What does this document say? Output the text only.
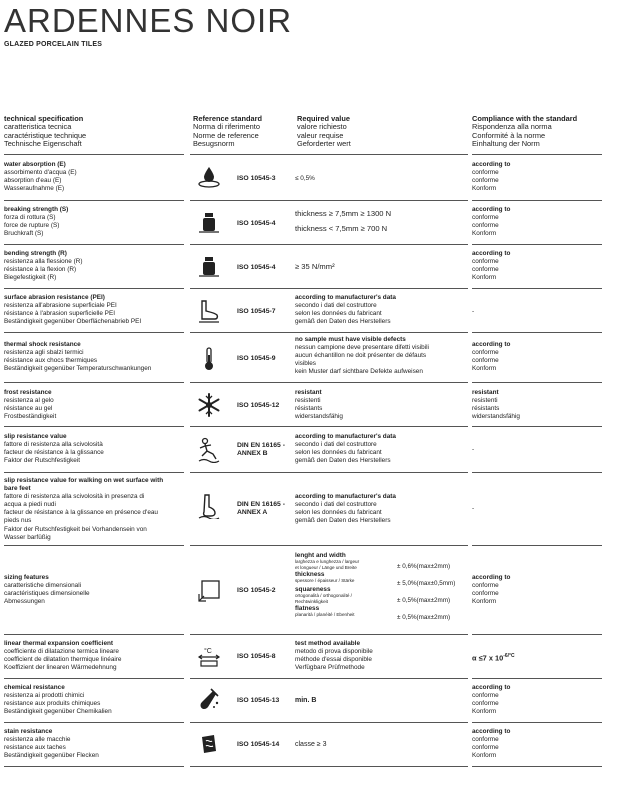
ARDENNES NOIR
GLAZED PORCELAIN TILES
technical specification
caratteristica tecnica
caractéristique technique
Technische Eigenschaft
Reference standard
Norma di riferimento
Norme de reference
Besugsnorm
Required value
valore richiesto
valeur requise
Geforderter wert
Compliance with the standard
Rispondenza alla norma
Conformité à la norme
Einhaltung der Norm
water absorption (E)
assorbimento d'acqua (E)
absorption d'eau (E)
Wasseraufnahme (E)
ISO 10545-3	≤ 0,5%
according to
conforme
conforme
Konform
breaking strength (S)
forza di rottura (S)
force de rupture (S)
Bruchkraft (S)
ISO 10545-4
thickness ≥ 7,5mm ≥ 1300 N
thickness < 7,5mm ≥ 700 N
according to
conforme
conforme
Konform
bending strength (R)
resistenza alla flessione (R)
résistance à la flexion (R)
Biegefestigkeit (R)
ISO 10545-4	≥ 35 N/mm²
according to
conforme
conforme
Konform
surface abrasion resistance (PEI)
resistenza all'abrasione superficiale PEI
résistance à l'abrasion superficielle PEI
Beständigkeit gegenüber Oberflächenabrieb PEI
ISO 10545-7
according to manufacturer's data
secondo i dati del costruttore
selon les données du fabricant
gemäß den Daten des Herstellers
-
thermal shock resistance
resistenza agli sbalzi termici
résistance aux chocs thermiques
Beständigkeit gegenüber Temperaturschwankungen
ISO 10545-9
no sample must have visible defects
nessun campione deve presentare difetti visibili
aucun échantillon ne doit présenter de défauts
visibles
kein Muster darf sichtbare Defekte aufweisen
according to
conforme
conforme
Konform
frost resistance
resistenza al gelo
résistance au gel
Frostbeständigkeit
ISO 10545-12
resistant
resistenti
résistants
widerstandsfähig
resistant
resistenti
résistants
widerstandsfähig
slip resistance value
fattore di resistenza alla scivolosità
facteur de résistance à la glissance
Faktor der Rutschfestigkeit
DIN EN 16165 -
ANNEX B
according to manufacturer's data
secondo i dati del costruttore
selon les données du fabricant
gemäß den Daten des Herstellers
-
slip resistance value for walking on wet surface with
bare feet
fattore di resistenza alla scivolosità in presenza di
acqua a piedi nudi
facteur de résistance à la glissance en présence d'eau
pieds nus
Faktor der Rutschfestigkeit bei Vorhandensein von
Wasser barfüßig
DIN EN 16165 -
ANNEX A
according to manufacturer's data
secondo i dati del costruttore
selon les données du fabricant
gemäß den Daten des Herstellers
-
sizing features
caratteristiche dimensionali
caractéristiques dimensionelle
Abmessungen
ISO 10545-2
lenght and width
larghezza e lunghezza / largeur
et longueur / Länge und Breite
thickness
spessore / épaisseur / Stärke
squareness
ortogonalità / orthogonalité /
Rechtwinkligkeit
flatness
planarità / planéité / Ebenheit
± 0,6%(max±2mm)
± 5,0%(max±0,5mm)
± 0,5%(max±2mm)
± 0,5%(max±2mm)
according to
conforme
conforme
Konform
linear thermal expansion coefficient
coefficiente di dilatazione termica lineare
coefficient de dilatation thermique linéaire
Koeffizient der linearen Wärmedehnung
°C
ISO 10545-8
test method available
metodo di prova disponibile
méthode d'essai disponible
Verfügbare Prüfmethode
α ≤7 x $10^{-6/^\circ C}$
chemical resistance
resistenza ai prodotti chimici
resistance aux produits chimiques
Beständigkeit gegenüber Chemikalien
ISO 10545-13 min. B
according to
conforme
conforme
Konform
stain resistance
resistenza alle macchie
resistance aux taches
Beständigkeit gegenüber Flecken
ISO 10545-14 classe ≥ 3
according to
conforme
conforme
Konform
